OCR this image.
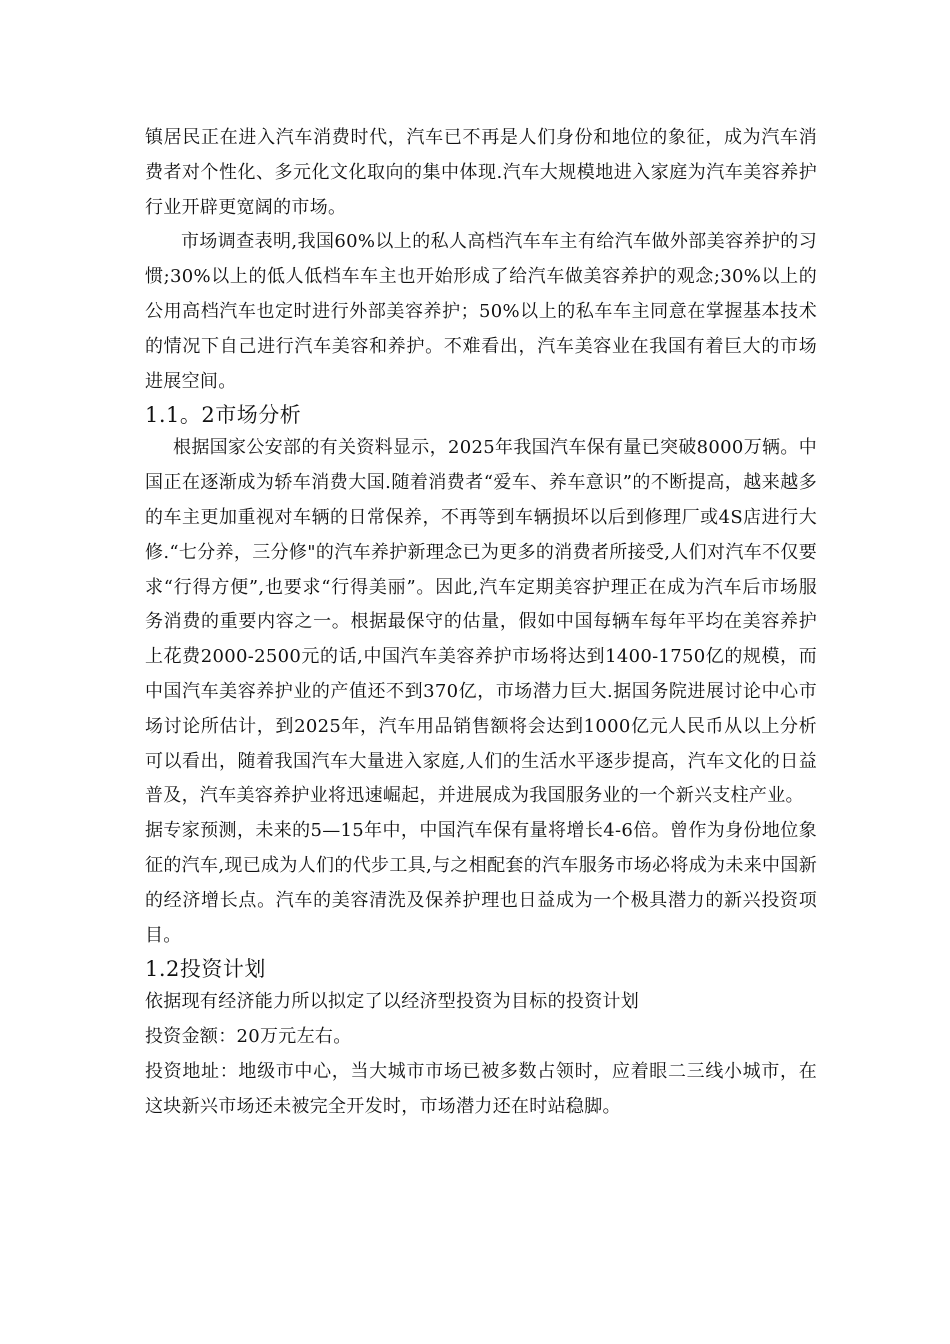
镇居民正在进入汽车消费时代，汽车已不再是人们身份和地位的象征，成为汽车消费者对个性化、多元化文化取向的集中体现.汽车大规模地进入家庭为汽车美容养护行业开辟更宽阔的市场。

市场调查表明,我国60%以上的私人高档汽车车主有给汽车做外部美容养护的习惯;30%以上的低人低档车车主也开始形成了给汽车做美容养护的观念;30%以上的公用高档汽车也定时进行外部美容养护；50%以上的私车车主同意在掌握基本技术的情况下自己进行汽车美容和养护。不难看出，汽车美容业在我国有着巨大的市场进展空间。

1.1。2市场分析

根据国家公安部的有关资料显示，2025年我国汽车保有量已突破8000万辆。中国正在逐渐成为轿车消费大国.随着消费者“爱车、养车意识”的不断提高，越来越多的车主更加重视对车辆的日常保养，不再等到车辆损坏以后到修理厂或4S店进行大修.“七分养，三分修"的汽车养护新理念已为更多的消费者所接受,人们对汽车不仅要求“行得方便”,也要求“行得美丽”。因此,汽车定期美容护理正在成为汽车后市场服务消费的重要内容之一。根据最保守的估量，假如中国每辆车每年平均在美容养护上花费2000-2500元的话,中国汽车美容养护市场将达到1400-1750亿的规模，而中国汽车美容养护业的产值还不到370亿，市场潜力巨大.据国务院进展讨论中心市场讨论所估计，到2025年，汽车用品销售额将会达到1000亿元人民币从以上分析可以看出，随着我国汽车大量进入家庭,人们的生活水平逐步提高，汽车文化的日益普及，汽车美容养护业将迅速崛起，并进展成为我国服务业的一个新兴支柱产业。

据专家预测，未来的5—15年中，中国汽车保有量将增长4-6倍。曾作为身份地位象征的汽车,现已成为人们的代步工具,与之相配套的汽车服务市场必将成为未来中国新的经济增长点。汽车的美容清洗及保养护理也日益成为一个极具潜力的新兴投资项目。

1.2投资计划

依据现有经济能力所以拟定了以经济型投资为目标的投资计划

投资金额：20万元左右。

投资地址：地级市中心，当大城市市场已被多数占领时，应着眼二三线小城市，在这块新兴市场还未被完全开发时，市场潜力还在时站稳脚。
